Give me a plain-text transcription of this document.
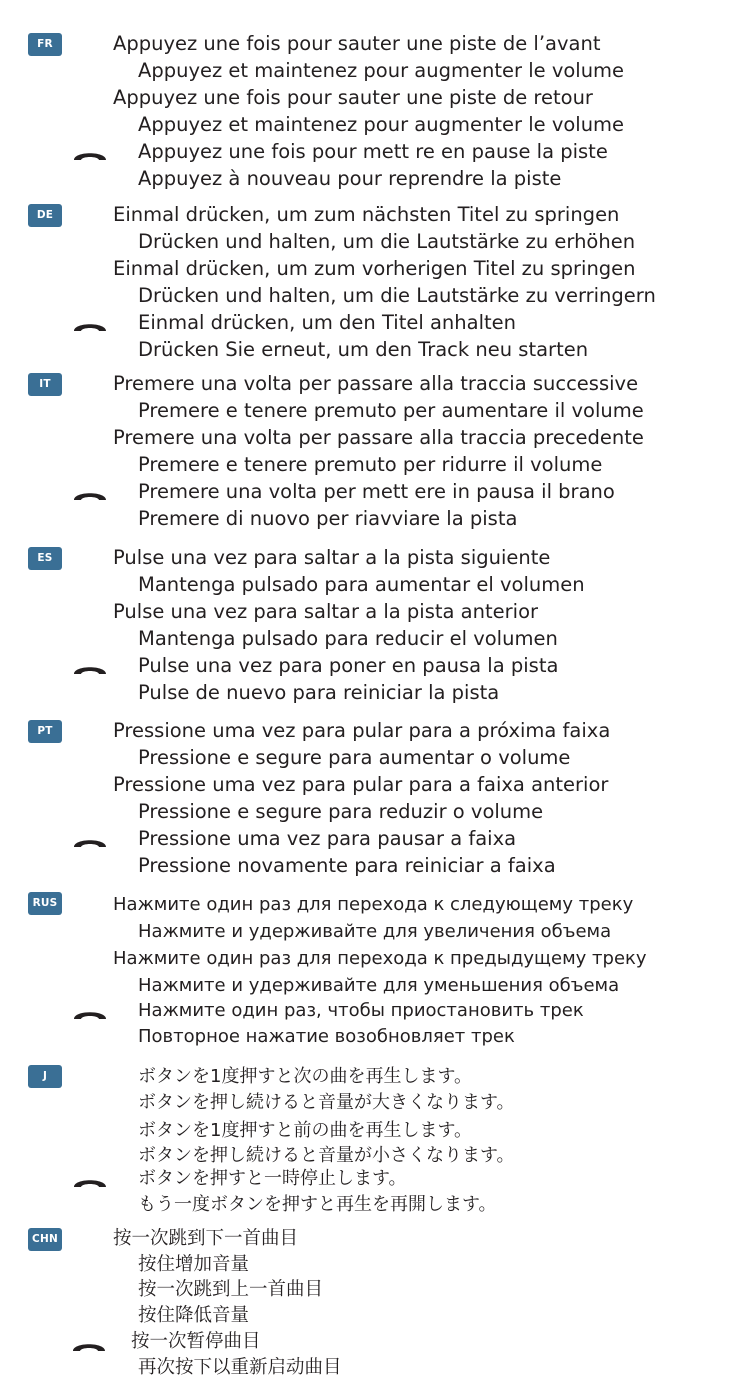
FR	Appuyez une fois pour sauter une piste de l’avant
Appuyez et maintenez pour augmenter le volume
Appuyez une fois pour sauter une piste de retour
Appuyez et maintenez pour augmenter le volume
Appuyez une fois pour mett re en pause la piste
Appuyez à nouveau pour reprendre la piste
DE	Einmal drücken, um zum nächsten Titel zu springen
Drücken und halten, um die Lautstärke zu erhöhen
Einmal drücken, um zum vorherigen Titel zu springen
Drücken und halten, um die Lautstärke zu verringern
Einmal drücken, um den Titel anhalten
Drücken Sie erneut, um den Track neu starten
IT	Premere una volta per passare alla traccia successive
Premere e tenere premuto per aumentare il volume
Premere una volta per passare alla traccia precedente
Premere e tenere premuto per ridurre il volume
Premere una volta per mett ere in pausa il brano
Premere di nuovo per riavviare la pista
ES	Pulse una vez para saltar a la pista siguiente
Mantenga pulsado para aumentar el volumen
Pulse una vez para saltar a la pista anterior
Mantenga pulsado para reducir el volumen
Pulse una vez para poner en pausa la pista
Pulse de nuevo para reiniciar la pista
PT	Pressione uma vez para pular para a próxima faixa
Pressione e segure para aumentar o volume
Pressione uma vez para pular para a faixa anterior
Pressione e segure para reduzir o volume
Pressione uma vez para pausar a faixa
Pressione novamente para reiniciar a faixa
RUS	Нажмите один раз для перехода к следующему треку
Нажмите и удерживайте для увеличения объема
Нажмите один раз для перехода к предыдущему треку
Нажмите и удерживайте для уменьшения объема
Нажмите один раз, чтобы приостановить трек
Повторное нажатие возобновляет трек
J	ボタンを1度押すと次の曲を再生します。
ボタンを押し続けると音量が大きくなります。
ボタンを1度押すと前の曲を再生します。
ボタンを押し続けると音量が小さくなります。
ボタンを押すと一時停止します。
もう一度ボタンを押すと再生を再開します。
CHN	按一次跳到下一首曲目
按住增加音量
按一次跳到上一首曲目
按住降低音量
按一次暂停曲目
再次按下以重新启动曲目
